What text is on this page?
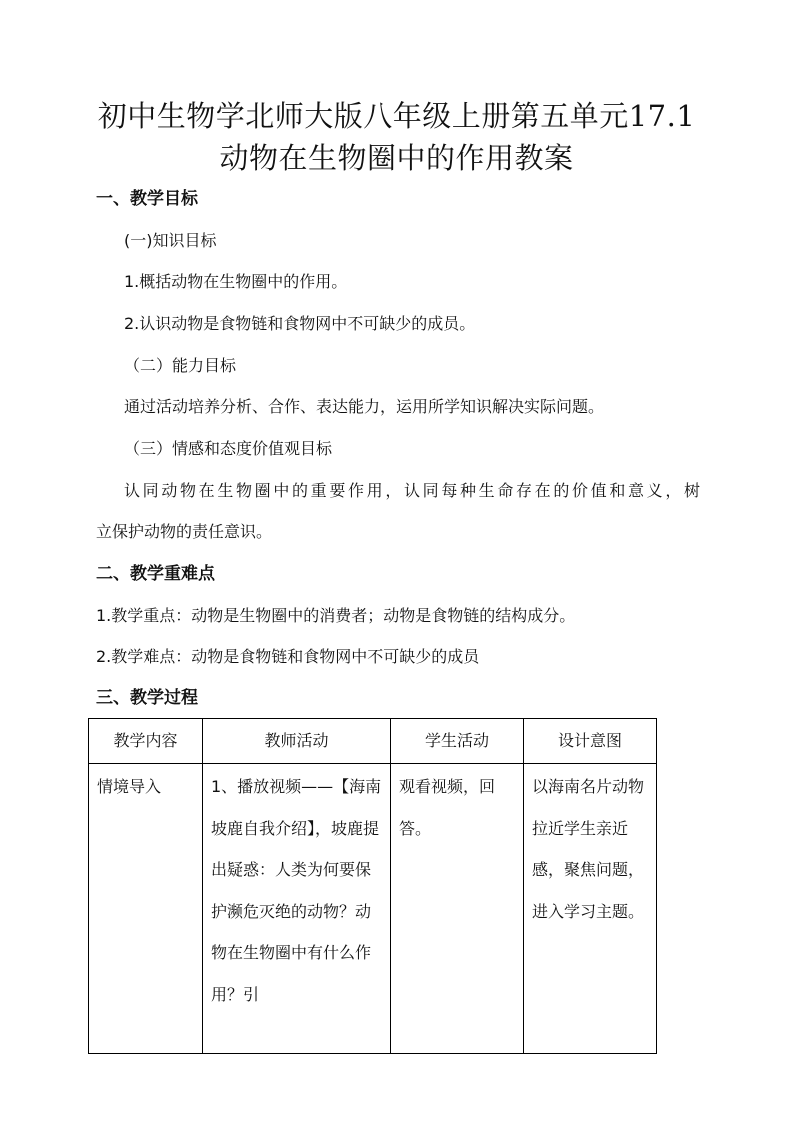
初中生物学北师大版八年级上册第五单元17.1
动物在生物圈中的作用教案
一、教学目标
(一)知识目标
1.概括动物在生物圈中的作用。
2.认识动物是食物链和食物网中不可缺少的成员。
（二）能力目标
通过活动培养分析、合作、表达能力，运用所学知识解决实际问题。
（三）情感和态度价值观目标
认同动物在生物圈中的重要作用，认同每种生命存在的价值和意义，树
立保护动物的责任意识。
二、教学重难点
1.教学重点：动物是生物圈中的消费者；动物是食物链的结构成分。
2.教学难点：动物是食物链和食物网中不可缺少的成员
三、教学过程
教学内容	教师活动	学生活动	设计意图

情境导入	1、播放视频——【海南坡鹿自我介绍】，坡鹿提出疑惑：人类为何要保护濒危灭绝的动物？动物在生物圈中有什么作用？引	观看视频，回答。	以海南名片动物拉近学生亲近感，聚焦问题，进入学习主题。
